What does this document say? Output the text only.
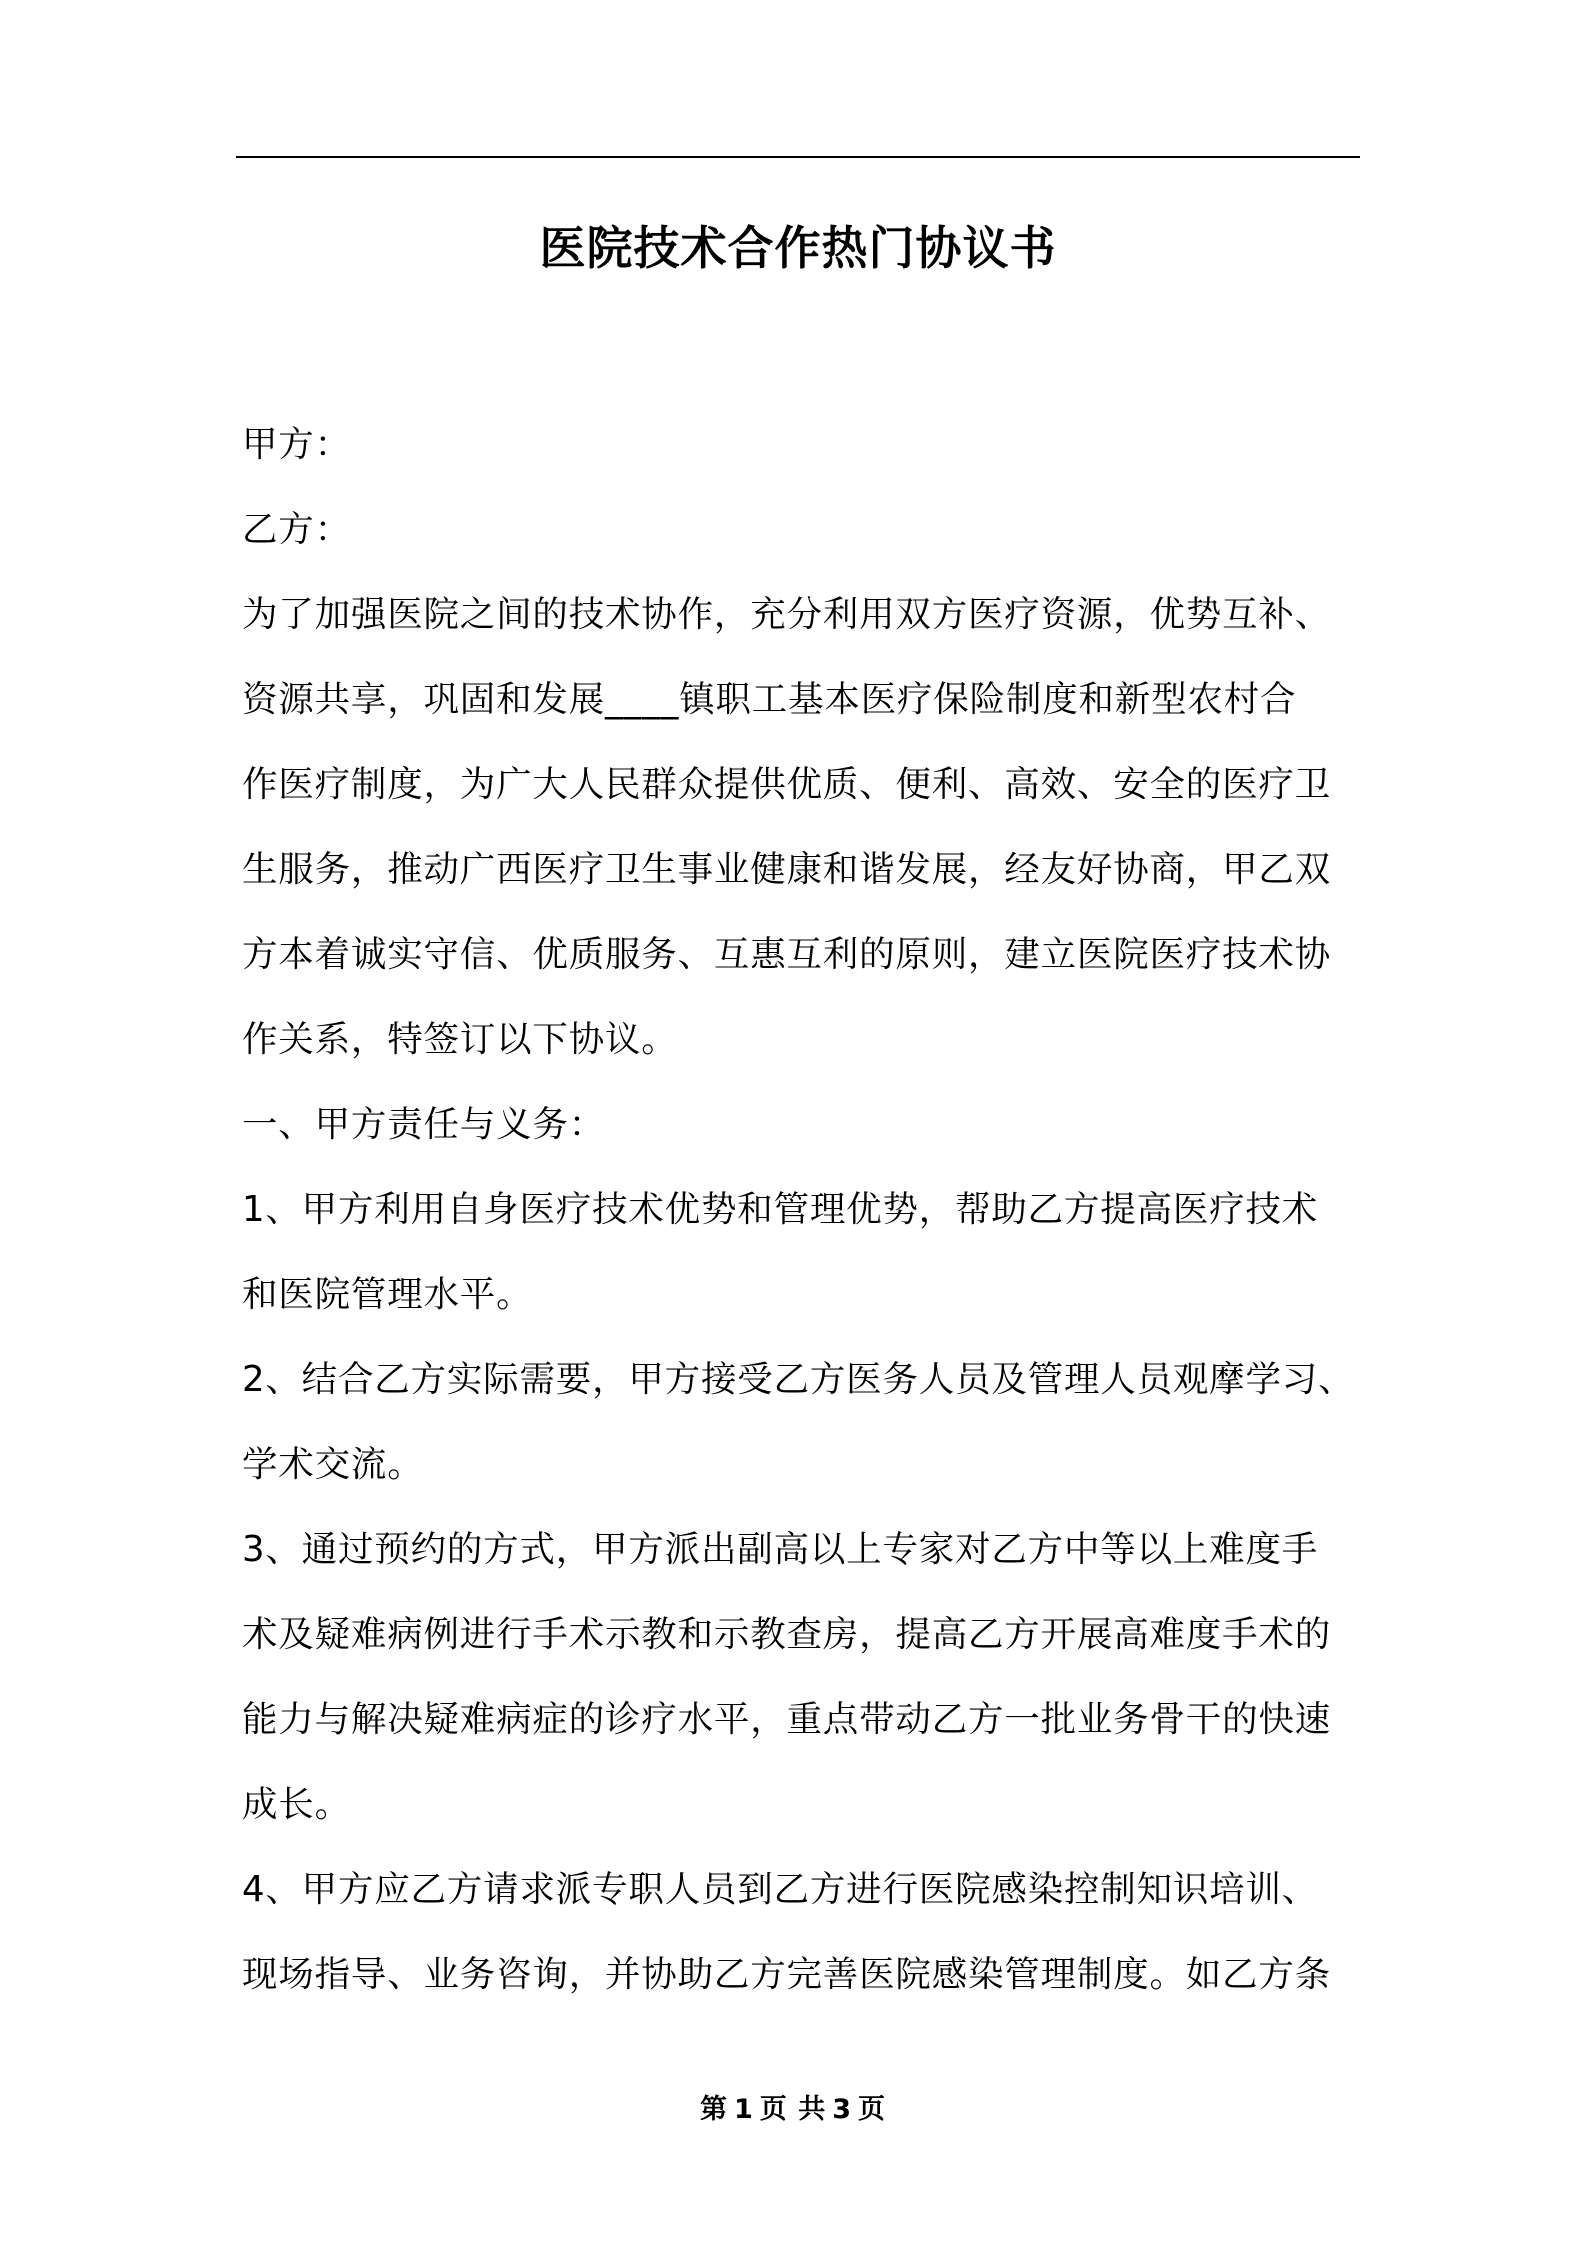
医院技术合作热门协议书

甲方：

乙方：

为了加强医院之间的技术协作，充分利用双方医疗资源，优势互补、

资源共享，巩固和发展____镇职工基本医疗保险制度和新型农村合

作医疗制度，为广大人民群众提供优质、便利、高效、安全的医疗卫

生服务，推动广西医疗卫生事业健康和谐发展，经友好协商，甲乙双

方本着诚实守信、优质服务、互惠互利的原则，建立医院医疗技术协

作关系，特签订以下协议。

一、甲方责任与义务：

1、甲方利用自身医疗技术优势和管理优势，帮助乙方提高医疗技术

和医院管理水平。

2、结合乙方实际需要，甲方接受乙方医务人员及管理人员观摩学习、

学术交流。

3、通过预约的方式，甲方派出副高以上专家对乙方中等以上难度手

术及疑难病例进行手术示教和示教查房，提高乙方开展高难度手术的

能力与解决疑难病症的诊疗水平，重点带动乙方一批业务骨干的快速

成长。

4、甲方应乙方请求派专职人员到乙方进行医院感染控制知识培训、

现场指导、业务咨询，并协助乙方完善医院感染管理制度。如乙方条

第 1 页 共 3 页
